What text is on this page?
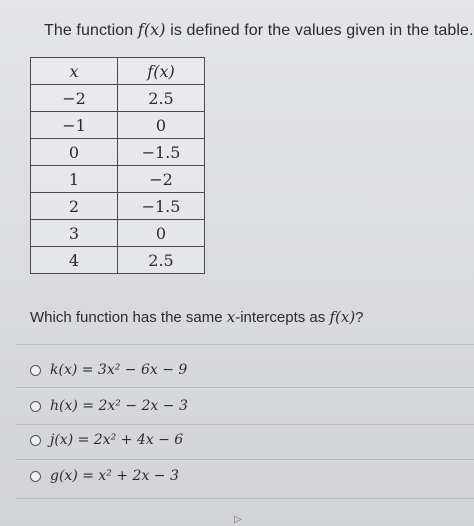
The function f(x) is defined for the values given in the table.
x	f(x)
−2	2.5
−1	0
0	−1.5
1	−2
2	−1.5
3	0
4	2.5
Which function has the same x-intercepts as f(x)?
k(x) = 3x² − 6x − 9
h(x) = 2x² − 2x − 3
j(x) = 2x² + 4x − 6
g(x) = x² + 2x − 3
▷
